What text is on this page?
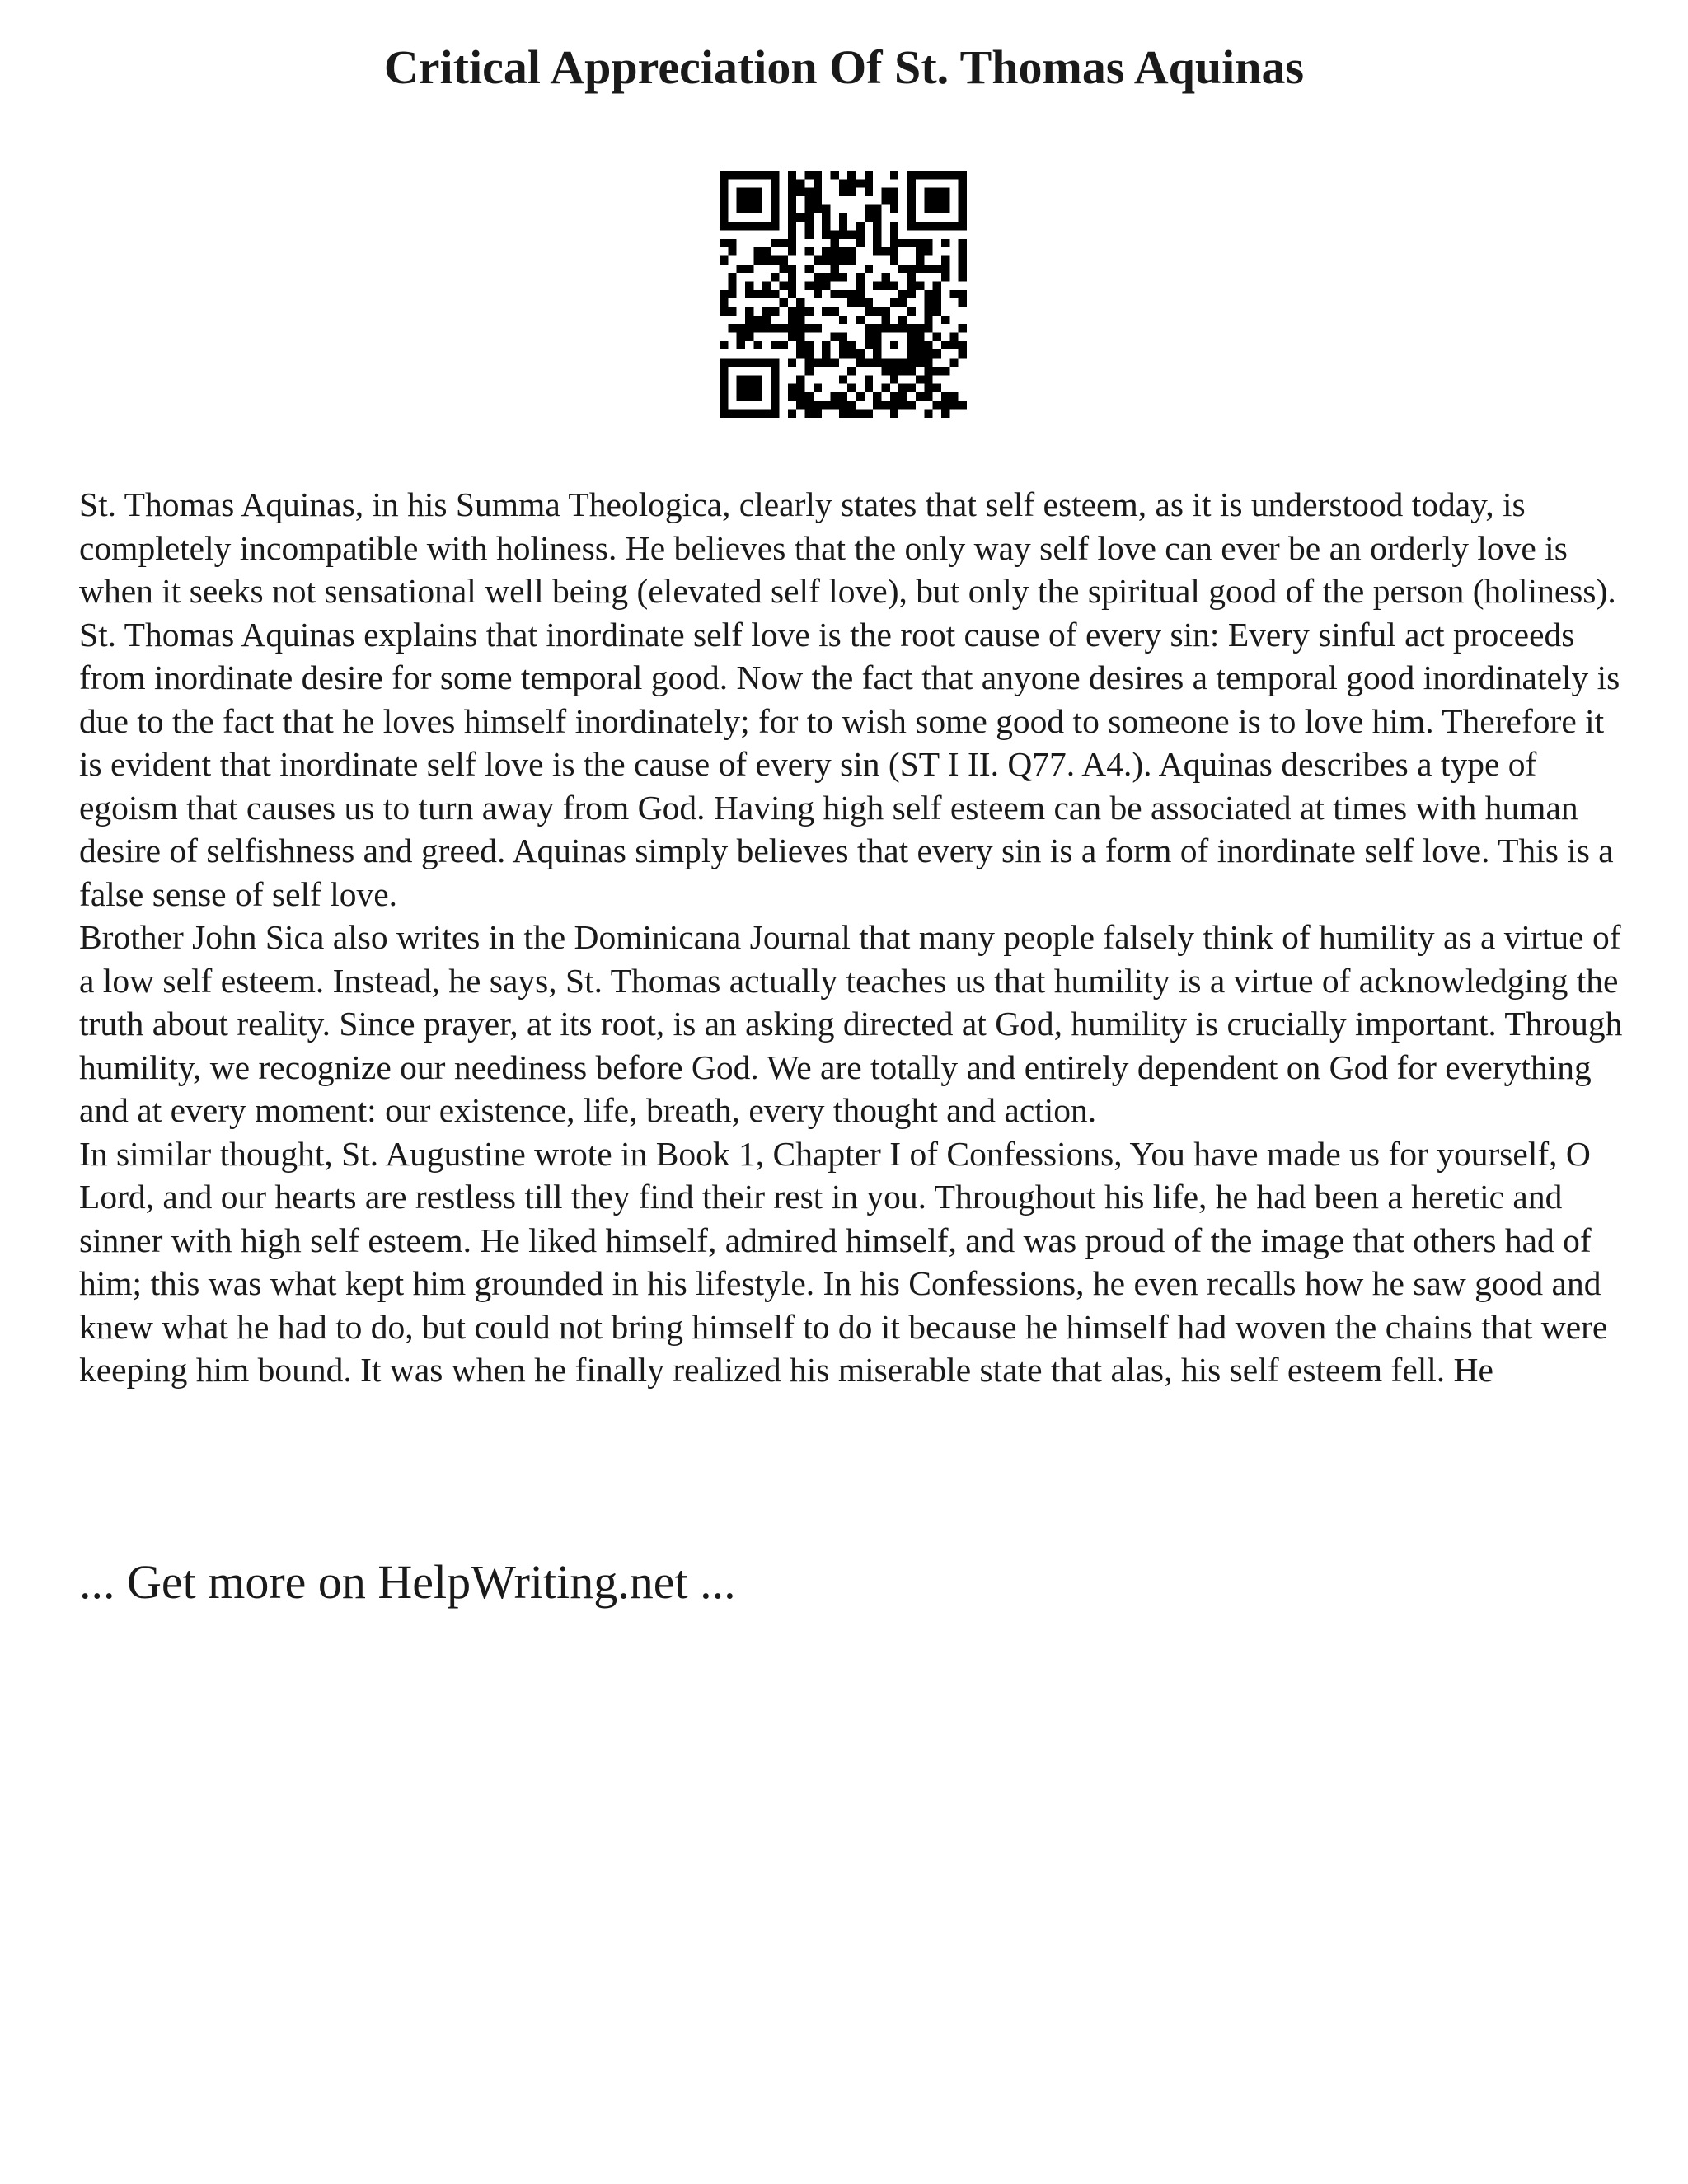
Critical Appreciation Of St. Thomas Aquinas

St. Thomas Aquinas, in his Summa Theologica, clearly states that self esteem, as it is understood today, is completely incompatible with holiness. He believes that the only way self love can ever be an orderly love is when it seeks not sensational well being (elevated self love), but only the spiritual good of the person (holiness). St. Thomas Aquinas explains that inordinate self love is the root cause of every sin: Every sinful act proceeds from inordinate desire for some temporal good. Now the fact that anyone desires a temporal good inordinately is due to the fact that he loves himself inordinately; for to wish some good to someone is to love him. Therefore it is evident that inordinate self love is the cause of every sin (ST I II. Q77. A4.). Aquinas describes a type of egoism that causes us to turn away from God. Having high self esteem can be associated at times with human desire of selfishness and greed. Aquinas simply believes that every sin is a form of inordinate self love. This is a false sense of self love.

Brother John Sica also writes in the Dominicana Journal that many people falsely think of humility as a virtue of a low self esteem. Instead, he says, St. Thomas actually teaches us that humility is a virtue of acknowledging the truth about reality. Since prayer, at its root, is an asking directed at God, humility is crucially important. Through humility, we recognize our neediness before God. We are totally and entirely dependent on God for everything and at every moment: our existence, life, breath, every thought and action.

In similar thought, St. Augustine wrote in Book 1, Chapter I of Confessions, You have made us for yourself, O Lord, and our hearts are restless till they find their rest in you. Throughout his life, he had been a heretic and sinner with high self esteem. He liked himself, admired himself, and was proud of the image that others had of him; this was what kept him grounded in his lifestyle. In his Confessions, he even recalls how he saw good and knew what he had to do, but could not bring himself to do it because he himself had woven the chains that were keeping him bound. It was when he finally realized his miserable state that alas, his self esteem fell. He

... Get more on HelpWriting.net ...
